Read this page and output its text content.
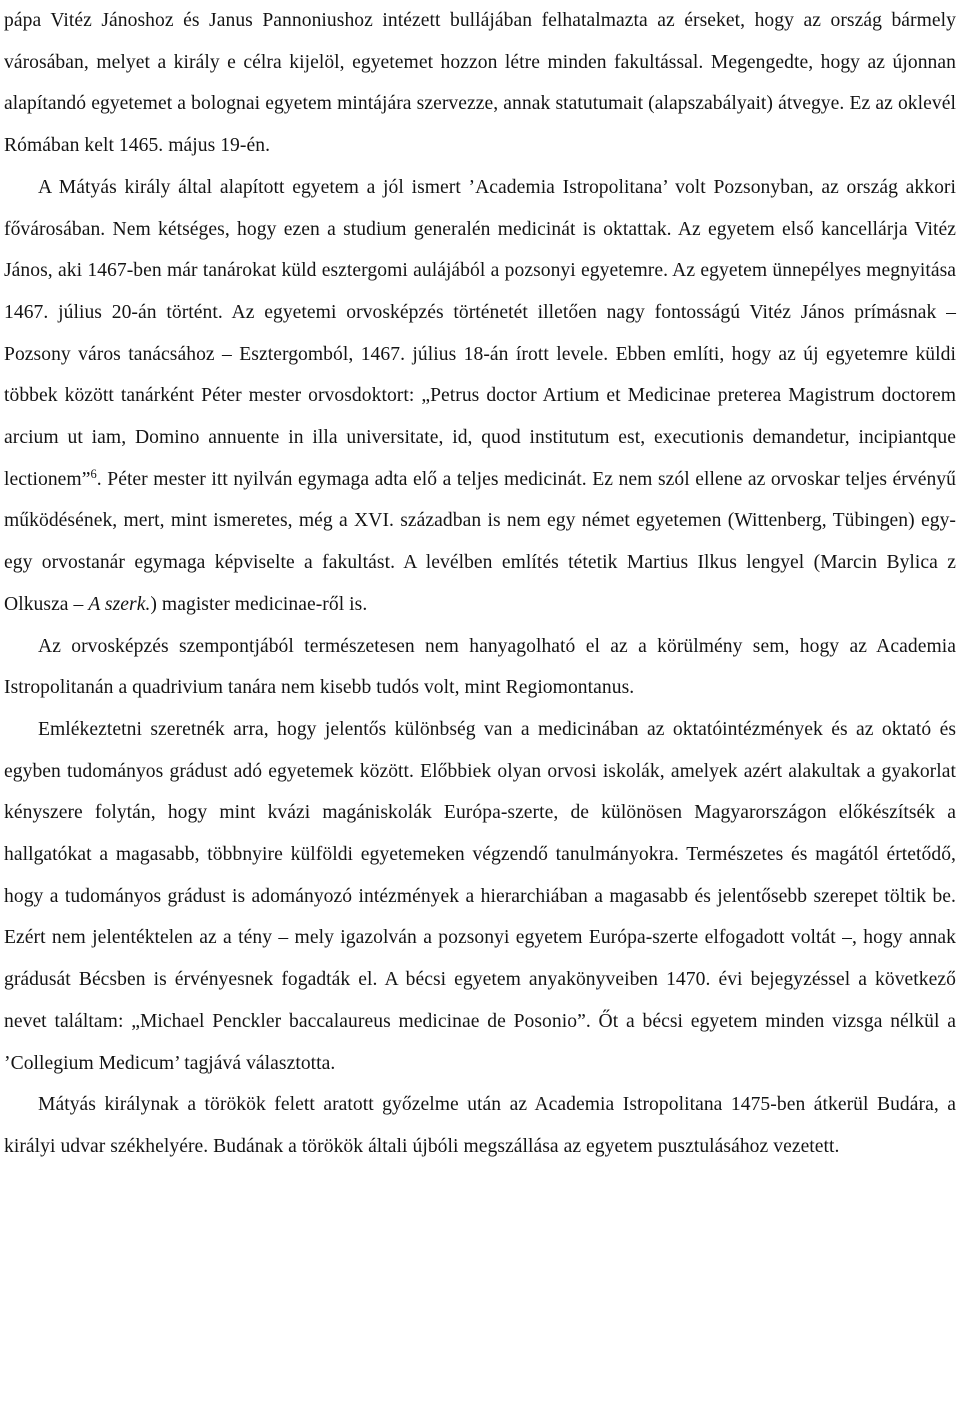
pápa Vitéz Jánoshoz és Janus Pannoniushoz intézett bullájában felhatalmazta az érseket, hogy az ország bármely városában, melyet a király e célra kijelöl, egyetemet hozzon létre minden fakultással. Megengedte, hogy az újonnan alapítandó egyetemet a bolognai egyetem mintájára szervezze, annak statutumait (alapszabályait) átvegye. Ez az oklevél Rómában kelt 1465. május 19-én.

A Mátyás király által alapított egyetem a jól ismert ’Academia Istropolitana’ volt Pozsonyban, az ország akkori fővárosában. Nem kétséges, hogy ezen a studium generalén medicinát is oktattak. Az egyetem első kancellárja Vitéz János, aki 1467-ben már tanárokat küld esztergomi aulájából a pozsonyi egyetemre. Az egyetem ünnepélyes megnyitása 1467. július 20-án történt. Az egyetemi orvosképzés történetét illetően nagy fontosságú Vitéz János prímásnak – Pozsony város tanácsához – Esztergomból, 1467. július 18-án írott levele. Ebben említi, hogy az új egyetemre küldi többek között tanárként Péter mester orvosdoktort: „Petrus doctor Artium et Medicinae preterea Magistrum doctorem arcium ut iam, Domino annuente in illa universitate, id, quod institutum est, executionis demandetur, incipiantque lectionem”$^6$. Péter mester itt nyilván egymaga adta elő a teljes medicinát. Ez nem szól ellene az orvoskar teljes érvényű működésének, mert, mint ismeretes, még a XVI. században is nem egy német egyetemen (Wittenberg, Tübingen) egy-egy orvostanár egymaga képviselte a fakultást. A levélben említés tétetik Martius Ilkus lengyel (Marcin Bylica z Olkusza – A szerk.) magister medicinae-ről is.

Az orvosképzés szempontjából természetesen nem hanyagolható el az a körülmény sem, hogy az Academia Istropolitanán a quadrivium tanára nem kisebb tudós volt, mint Regiomontanus.

Emlékeztetni szeretnék arra, hogy jelentős különbség van a medicinában az oktatóintézmények és az oktató és egyben tudományos grádust adó egyetemek között. Előbbiek olyan orvosi iskolák, amelyek azért alakultak a gyakorlat kényszere folytán, hogy mint kvázi magániskolák Európa-szerte, de különösen Magyarországon előkészítsék a hallgatókat a magasabb, többnyire külföldi egyetemeken végzendő tanulmányokra. Természetes és magától értetődő, hogy a tudományos grádust is adományozó intézmények a hierarchiában a magasabb és jelentősebb szerepet töltik be. Ezért nem jelentéktelen az a tény – mely igazolván a pozsonyi egyetem Európa-szerte elfogadott voltát –, hogy annak grádusát Bécsben is érvényesnek fogadták el. A bécsi egyetem anyakönyveiben 1470. évi bejegyzéssel a következő nevet találtam: „Michael Penckler baccalaureus medicinae de Posonio”. Őt a bécsi egyetem minden vizsga nélkül a ’Collegium Medicum’ tagjává választotta.

Mátyás királynak a törökök felett aratott győzelme után az Academia Istropolitana 1475-ben átkerül Budára, a királyi udvar székhelyére. Budának a törökök általi újbóli megszállása az egyetem pusztulásához vezetett.
